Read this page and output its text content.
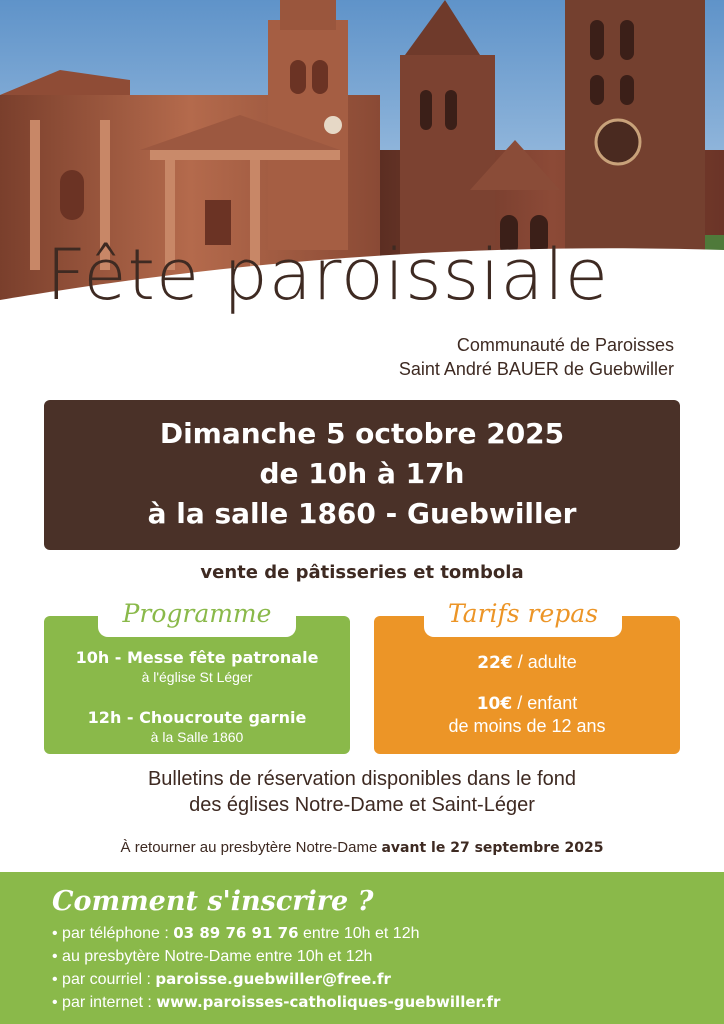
Fête paroissiale
Communauté de Paroisses
Saint André BAUER de Guebwiller
Dimanche 5 octobre 2025
de 10h à 17h
à la salle 1860 - Guebwiller
vente de pâtisseries et tombola
Programme
10h - Messe fête patronale
à l'église St Léger
12h - Choucroute garnie
à la Salle 1860
Tarifs repas
22€ / adulte
10€ / enfant
de moins de 12 ans
Bulletins de réservation disponibles dans le fond
des églises Notre-Dame et Saint-Léger
À retourner au presbytère Notre-Dame avant le 27 septembre 2025
Comment s'inscrire ?
• par téléphone : 03 89 76 91 76 entre 10h et 12h
• au presbytère Notre-Dame entre 10h et 12h
• par courriel : paroisse.guebwiller@free.fr
• par internet : www.paroisses-catholiques-guebwiller.fr
